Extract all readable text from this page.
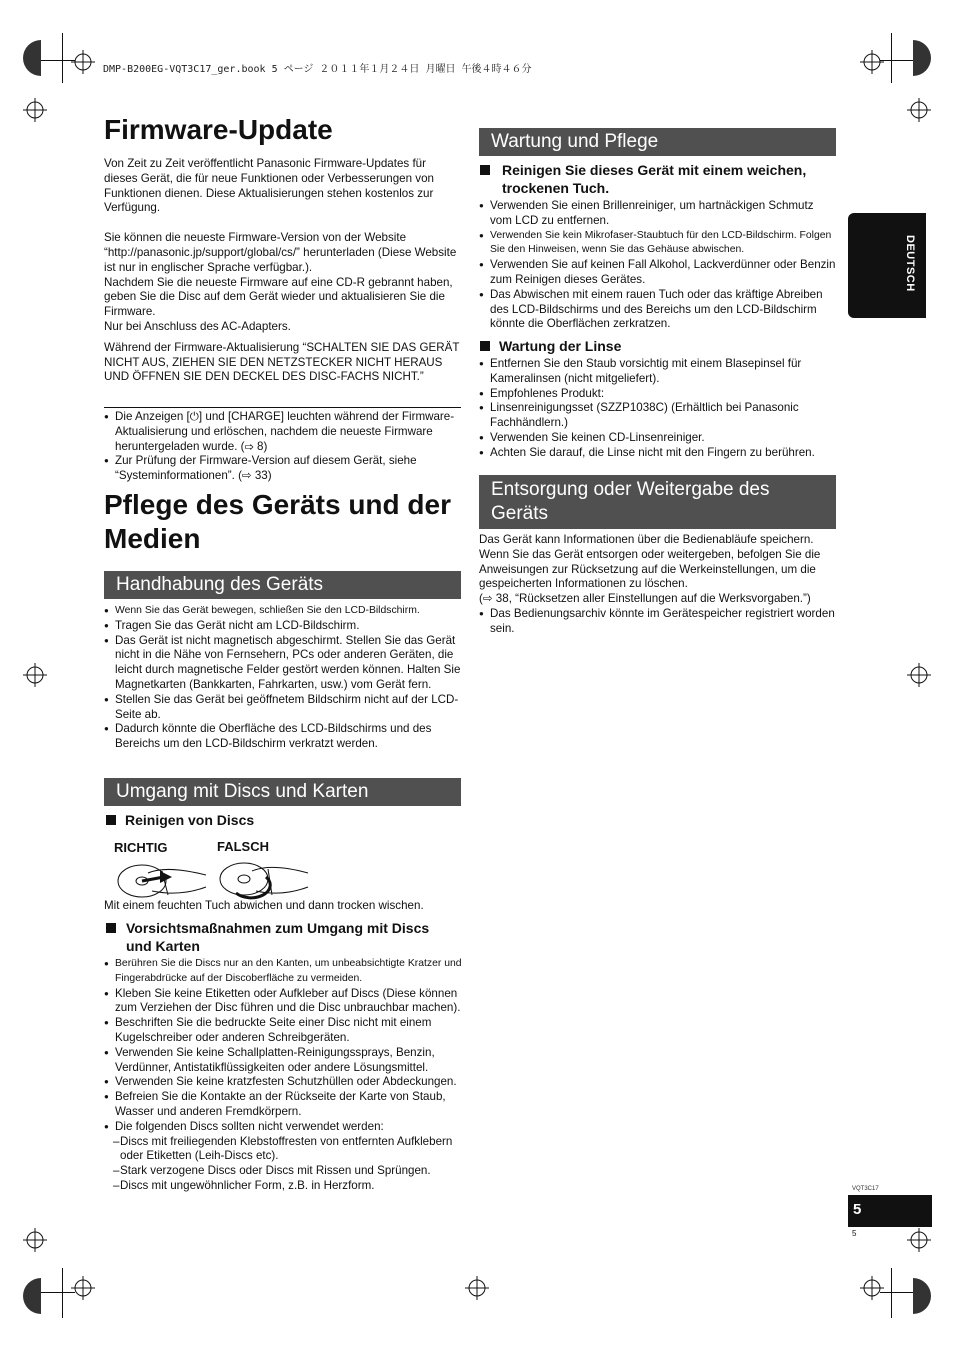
DMP-B200EG-VQT3C17_ger.book 5 ページ ２０１１年１月２４日 月曜日 午後４時４６分
Firmware-Update

Von Zeit zu Zeit veröffentlicht Panasonic Firmware-Updates für dieses Gerät, die für neue Funktionen oder Verbesserungen von Funktionen dienen. Diese Aktualisierungen stehen kostenlos zur Verfügung.

Sie können die neueste Firmware-Version von der Website “http://panasonic.jp/support/global/cs/” herunterladen (Diese Website ist nur in englischer Sprache verfügbar.).

Nachdem Sie die neueste Firmware auf eine CD-R gebrannt haben, geben Sie die Disc auf dem Gerät wieder und aktualisieren Sie die Firmware.

Nur bei Anschluss des AC-Adapters.

Während der Firmware-Aktualisierung “SCHALTEN SIE DAS GERÄT NICHT AUS, ZIEHEN SIE DEN NETZSTECKER NICHT HERAUS UND ÖFFNEN SIE DEN DECKEL DES DISC-FACHS NICHT.”

● Die Anzeigen [⏻] und [CHARGE] leuchten während der Firmware-Aktualisierung und erlöschen, nachdem die neueste Firmware heruntergeladen wurde. (⇨ 8)
● Zur Prüfung der Firmware-Version auf diesem Gerät, siehe “Systeminformationen”. (⇨ 33)
Pflege des Geräts und der Medien
Handhabung des Geräts
● Wenn Sie das Gerät bewegen, schließen Sie den LCD-Bildschirm.
● Tragen Sie das Gerät nicht am LCD-Bildschirm.
● Das Gerät ist nicht magnetisch abgeschirmt. Stellen Sie das Gerät nicht in die Nähe von Fernsehern, PCs oder anderen Geräten, die leicht durch magnetische Felder gestört werden können. Halten Sie Magnetkarten (Bankkarten, Fahrkarten, usw.) vom Gerät fern.
● Stellen Sie das Gerät bei geöffnetem Bildschirm nicht auf der LCD-Seite ab.
● Dadurch könnte die Oberfläche des LCD-Bildschirms und des Bereichs um den LCD-Bildschirm verkratzt werden.
Umgang mit Discs und Karten
Reinigen von Discs
RICHTIG	FALSCH

Mit einem feuchten Tuch abwichen und dann trocken wischen.

Vorsichtsmaßnahmen zum Umgang mit Discs und Karten
● Berühren Sie die Discs nur an den Kanten, um unbeabsichtigte Kratzer und Fingerabdrücke auf der Discoberfläche zu vermeiden.
● Kleben Sie keine Etiketten oder Aufkleber auf Discs (Diese können zum Verziehen der Disc führen und die Disc unbrauchbar machen).
● Beschriften Sie die bedruckte Seite einer Disc nicht mit einem Kugelschreiber oder anderen Schreibgeräten.
● Verwenden Sie keine Schallplatten-Reinigungssprays, Benzin, Verdünner, Antistatikflüssigkeiten oder andere Lösungsmittel.
● Verwenden Sie keine kratzfesten Schutzhüllen oder Abdeckungen.
● Befreien Sie die Kontakte an der Rückseite der Karte von Staub, Wasser und anderen Fremdkörpern.
● Die folgenden Discs sollten nicht verwendet werden:
– Discs mit freiliegenden Klebstoffresten von entfernten Aufklebern oder Etiketten (Leih-Discs etc).
– Stark verzogene Discs oder Discs mit Rissen und Sprüngen.
– Discs mit ungewöhnlicher Form, z.B. in Herzform.
Wartung und Pflege
Reinigen Sie dieses Gerät mit einem weichen, trockenen Tuch.
● Verwenden Sie einen Brillenreiniger, um hartnäckigen Schmutz vom LCD zu entfernen.
● Verwenden Sie kein Mikrofaser-Staubtuch für den LCD-Bildschirm. Folgen Sie den Hinweisen, wenn Sie das Gehäuse abwischen.
● Verwenden Sie auf keinen Fall Alkohol, Lackverdünner oder Benzin zum Reinigen dieses Gerätes.
● Das Abwischen mit einem rauen Tuch oder das kräftige Abreiben des LCD-Bildschirms und des Bereichs um den LCD-Bildschirm könnte die Oberflächen zerkratzen.
Wartung der Linse
● Entfernen Sie den Staub vorsichtig mit einem Blasepinsel für Kameralinsen (nicht mitgeliefert).
● Empfohlenes Produkt:
● Linsenreinigungsset (SZZP1038C) (Erhältlich bei Panasonic Fachhändlern.)
● Verwenden Sie keinen CD-Linsenreiniger.
● Achten Sie darauf, die Linse nicht mit den Fingern zu berühren.
Entsorgung oder Weitergabe des Geräts

Das Gerät kann Informationen über die Bedienabläufe speichern. Wenn Sie das Gerät entsorgen oder weitergeben, befolgen Sie die Anweisungen zur Rücksetzung auf die Werkeinstellungen, um die gespeicherten Informationen zu löschen.

(⇨ 38, “Rücksetzen aller Einstellungen auf die Werksvorgaben.”)

● Das Bedienungsarchiv könnte im Gerätespeicher registriert worden sein.
DEUTSCH
VQT3C17
5
5
